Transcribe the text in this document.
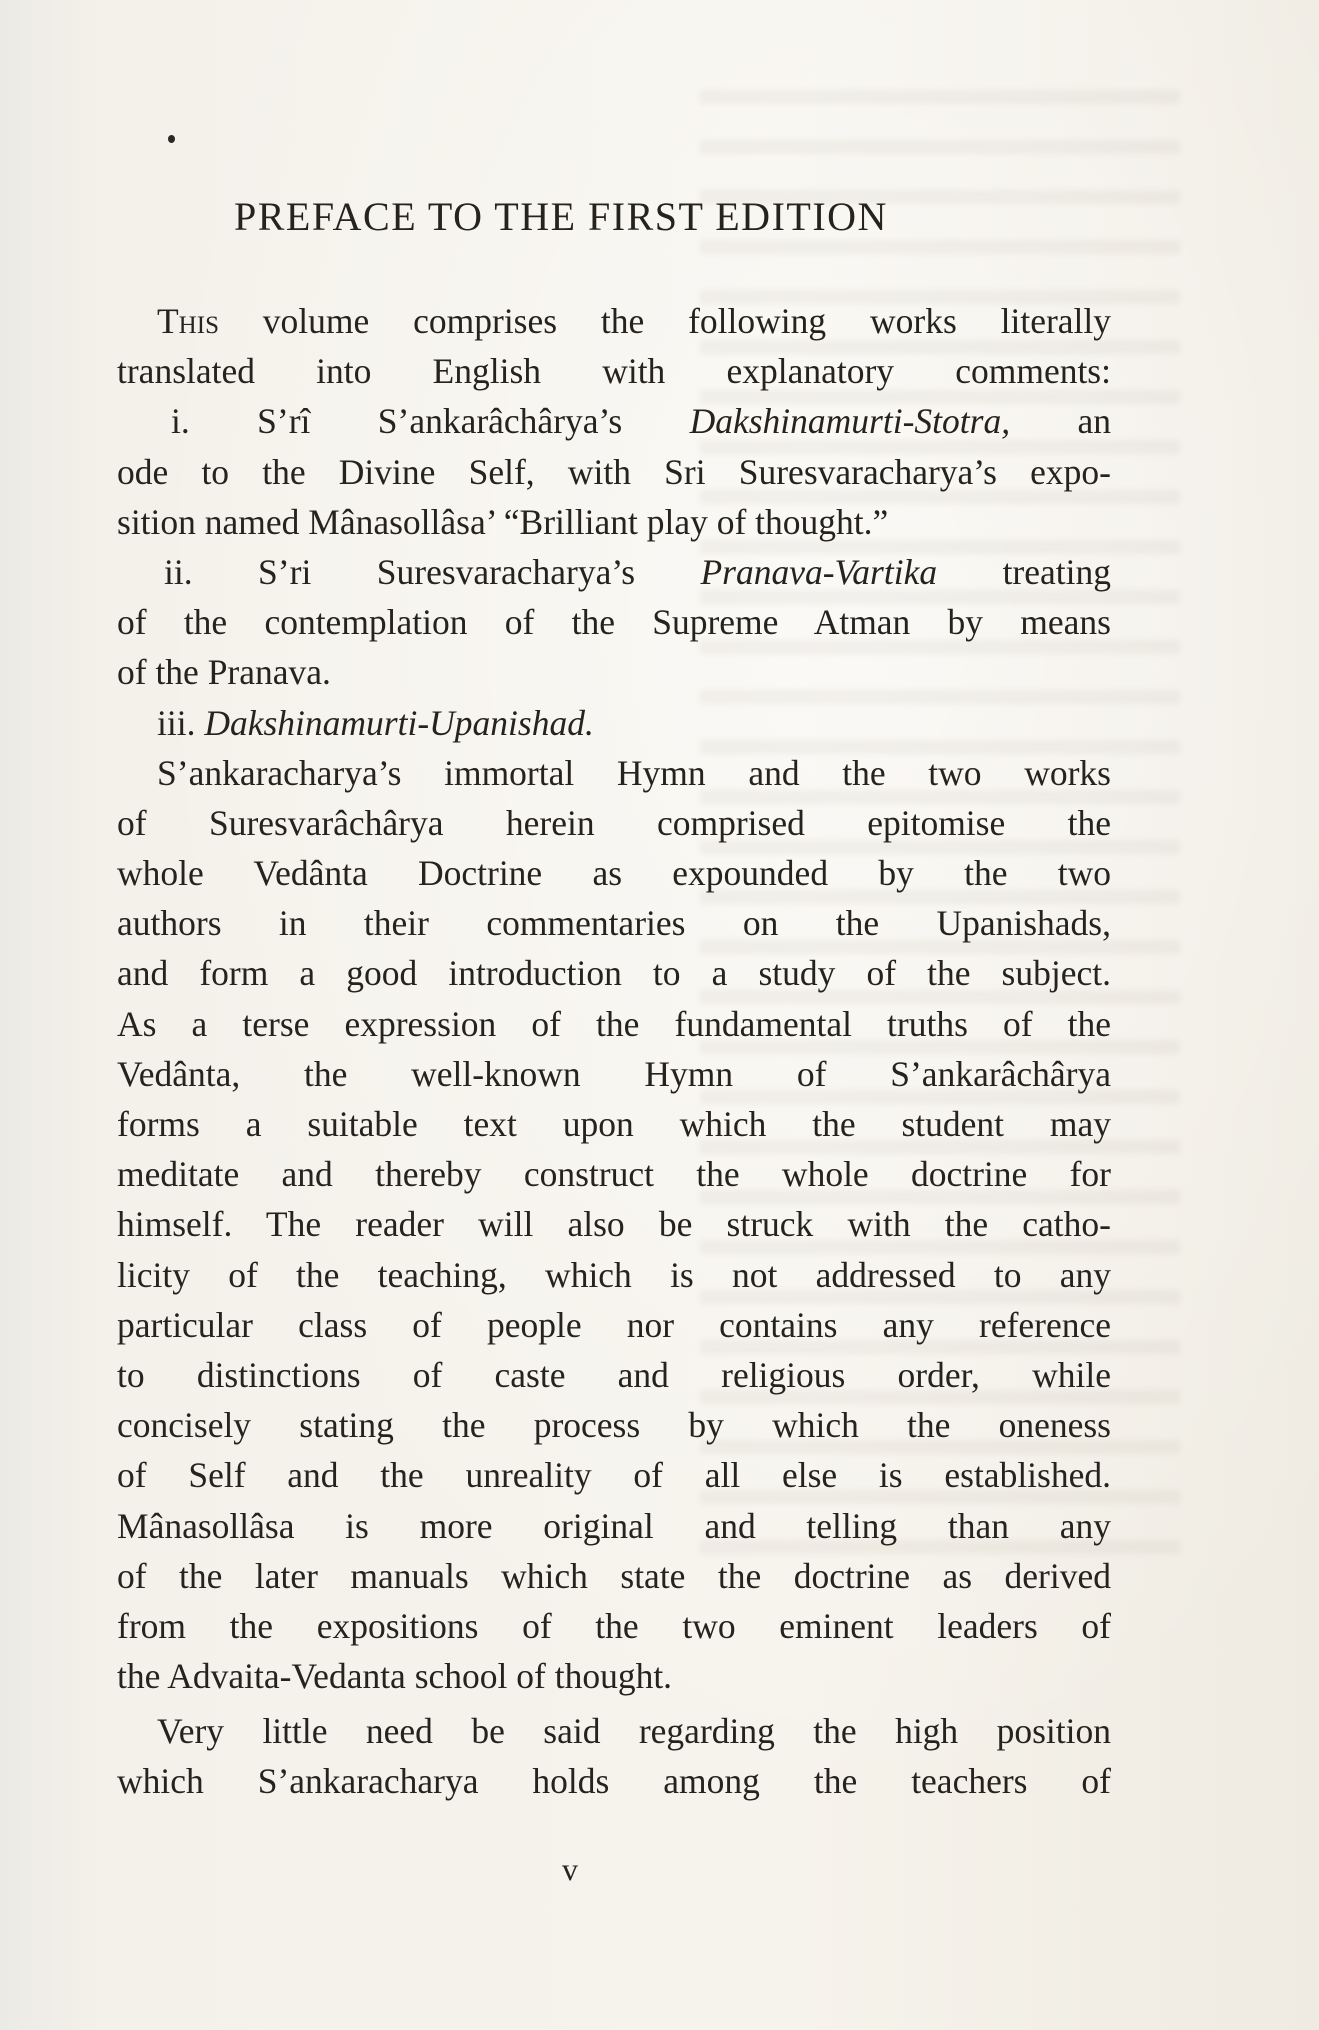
PREFACE TO THE FIRST EDITION
This volume comprises the following works literally
translated into English with explanatory comments:
i. S’rî S’ankarâchârya’s Dakshinamurti-Stotra, an
ode to the Divine Self, with Sri Suresvaracharya’s expo-
sition named Mânasollâsa’ “Brilliant play of thought.”
ii. S’ri Suresvaracharya’s Pranava-Vartika treating
of the contemplation of the Supreme Atman by means
of the Pranava.
iii. Dakshinamurti-Upanishad.
S’ankaracharya’s immortal Hymn and the two works
of Suresvarâchârya herein comprised epitomise the
whole Vedânta Doctrine as expounded by the two
authors in their commentaries on the Upanishads,
and form a good introduction to a study of the subject.
As a terse expression of the fundamental truths of the
Vedânta, the well-known Hymn of S’ankarâchârya
forms a suitable text upon which the student may
meditate and thereby construct the whole doctrine for
himself. The reader will also be struck with the catho-
licity of the teaching, which is not addressed to any
particular class of people nor contains any reference
to distinctions of caste and religious order, while
concisely stating the process by which the oneness
of Self and the unreality of all else is established.
Mânasollâsa is more original and telling than any
of the later manuals which state the doctrine as derived
from the expositions of the two eminent leaders of
the Advaita-Vedanta school of thought.
Very little need be said regarding the high position
which S’ankaracharya holds among the teachers of
v
